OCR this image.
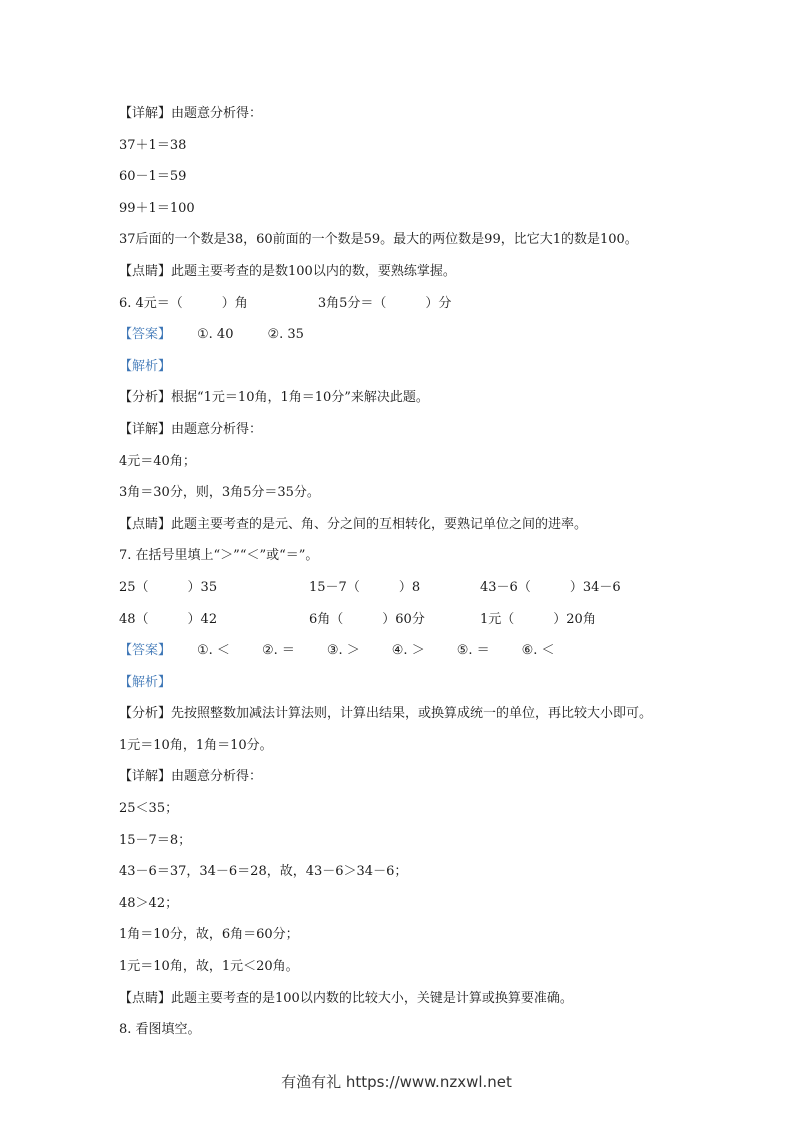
【详解】由题意分析得：
37＋1＝38
60－1＝59
99＋1＝100
37后面的一个数是38，60前面的一个数是59。最大的两位数是99，比它大1的数是100。
【点睛】此题主要考查的是数100以内的数，要熟练掌握。
6. 4元＝（　　　）角	3角5分＝（　　　）分
【答案】 ①. 40	②. 35
【解析】
【分析】根据“1元＝10角，1角＝10分”来解决此题。
【详解】由题意分析得：
4元＝40角；
3角＝30分，则，3角5分＝35分。
【点睛】此题主要考查的是元、角、分之间的互相转化，要熟记单位之间的进率。
7. 在括号里填上“＞”“＜”或“＝”。
25（　　　）35	15－7（　　　）8	43－6（　　　）34－6
48（　　　）42	6角（　　　）60分	1元（　　　）20角
【答案】 ①. ＜ ②. ＝ ③. ＞ ④. ＞ ⑤. ＝ ⑥. ＜
【解析】
【分析】先按照整数加减法计算法则，计算出结果，或换算成统一的单位，再比较大小即可。
1元＝10角，1角＝10分。
【详解】由题意分析得：
25＜35；
15－7＝8；
43－6＝37，34－6＝28，故，43－6＞34－6；
48＞42；
1角＝10分，故，6角＝60分；
1元＝10角，故，1元＜20角。
【点睛】此题主要考查的是100以内数的比较大小，关键是计算或换算要准确。
8. 看图填空。
有渔有礼 https://www.nzxwl.net
